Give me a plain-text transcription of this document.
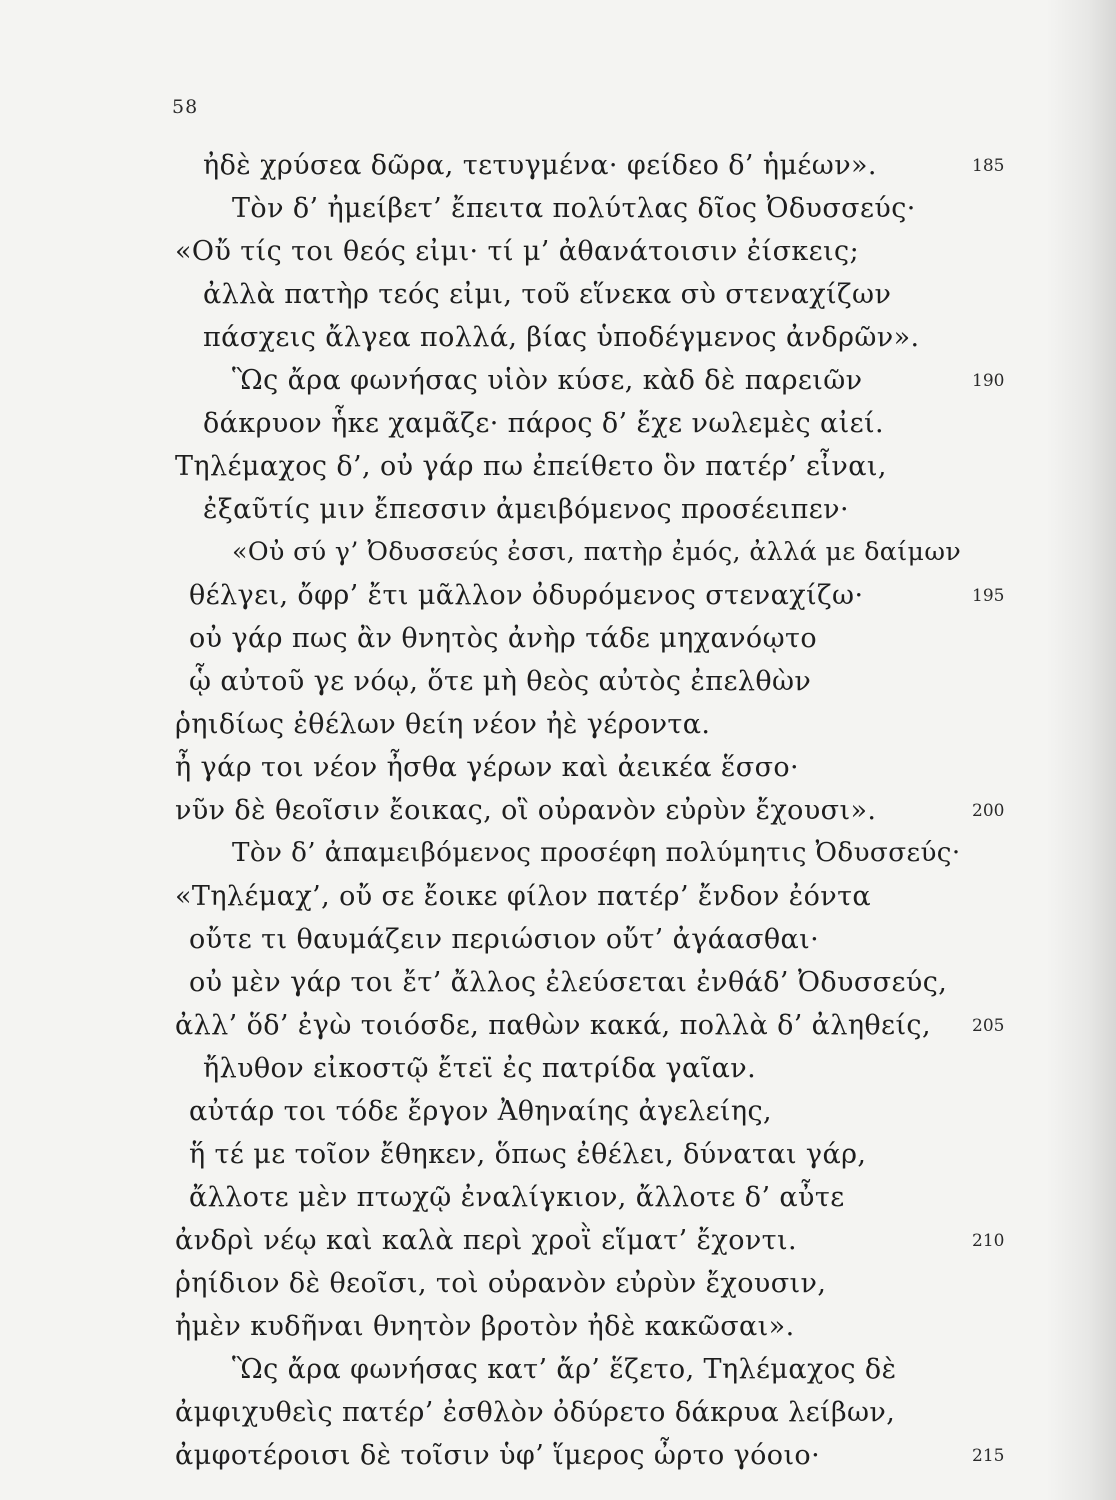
58
ἠδὲ χρύσεα δῶρα, τετυγμένα· φείδεο δ’ ἡμέων».
Τὸν δ’ ἠμείβετ’ ἔπειτα πολύτλας δῖος Ὀδυσσεύς·
«Οὔ τίς τοι θεός εἰμι· τί μ’ ἀθανάτοισιν ἐίσκεις;
ἀλλὰ πατὴρ τεός εἰμι, τοῦ εἵνεκα σὺ στεναχίζων
πάσχεις ἄλγεα πολλά, βίας ὑποδέγμενος ἀνδρῶν».
Ὣς ἄρα φωνήσας υἱὸν κύσε, κὰδ δὲ παρειῶν
δάκρυον ἧκε χαμᾶζε· πάρος δ’ ἔχε νωλεμὲς αἰεί.
Τηλέμαχος δ’, οὐ γάρ πω ἐπείθετο ὃν πατέρ’ εἶναι,
ἐξαῦτίς μιν ἔπεσσιν ἀμειβόμενος προσέειπεν·
«Οὐ σύ γ’ Ὀδυσσεύς ἐσσι, πατὴρ ἐμός, ἀλλά με δαίμων
θέλγει, ὄφρ’ ἔτι μᾶλλον ὀδυρόμενος στεναχίζω·
οὐ γάρ πως ἂν θνητὸς ἀνὴρ τάδε μηχανόῳτο
ᾧ αὐτοῦ γε νόῳ, ὅτε μὴ θεὸς αὐτὸς ἐπελθὼν
ῥηιδίως ἐθέλων θείη νέον ἠὲ γέροντα.
ἦ γάρ τοι νέον ἦσθα γέρων καὶ ἀεικέα ἕσσο·
νῦν δὲ θεοῖσιν ἔοικας, οἳ οὐρανὸν εὐρὺν ἔχουσι».
Τὸν δ’ ἀπαμειβόμενος προσέφη πολύμητις Ὀδυσσεύς·
«Τηλέμαχ’, οὔ σε ἔοικε φίλον πατέρ’ ἔνδον ἐόντα
οὔτε τι θαυμάζειν περιώσιον οὔτ’ ἀγάασθαι·
οὐ μὲν γάρ τοι ἔτ’ ἄλλος ἐλεύσεται ἐνθάδ’ Ὀδυσσεύς,
ἀλλ’ ὅδ’ ἐγὼ τοιόσδε, παθὼν κακά, πολλὰ δ’ ἀληθείς,
ἤλυθον εἰκοστῷ ἔτεϊ ἐς πατρίδα γαῖαν.
αὐτάρ τοι τόδε ἔργον Ἀθηναίης ἀγελείης,
ἥ τέ με τοῖον ἔθηκεν, ὅπως ἐθέλει, δύναται γάρ,
ἄλλοτε μὲν πτωχῷ ἐναλίγκιον, ἄλλοτε δ’ αὖτε
ἀνδρὶ νέῳ καὶ καλὰ περὶ χροῒ εἵματ’ ἔχοντι.
ῥηίδιον δὲ θεοῖσι, τοὶ οὐρανὸν εὐρὺν ἔχουσιν,
ἠμὲν κυδῆναι θνητὸν βροτὸν ἠδὲ κακῶσαι».
Ὣς ἄρα φωνήσας κατ’ ἄρ’ ἕζετο, Τηλέμαχος δὲ
ἀμφιχυθεὶς πατέρ’ ἐσθλὸν ὀδύρετο δάκρυα λείβων,
ἀμφοτέροισι δὲ τοῖσιν ὑφ’ ἵμερος ὦρτο γόοιο·
185
190
195
200
205
210
215
